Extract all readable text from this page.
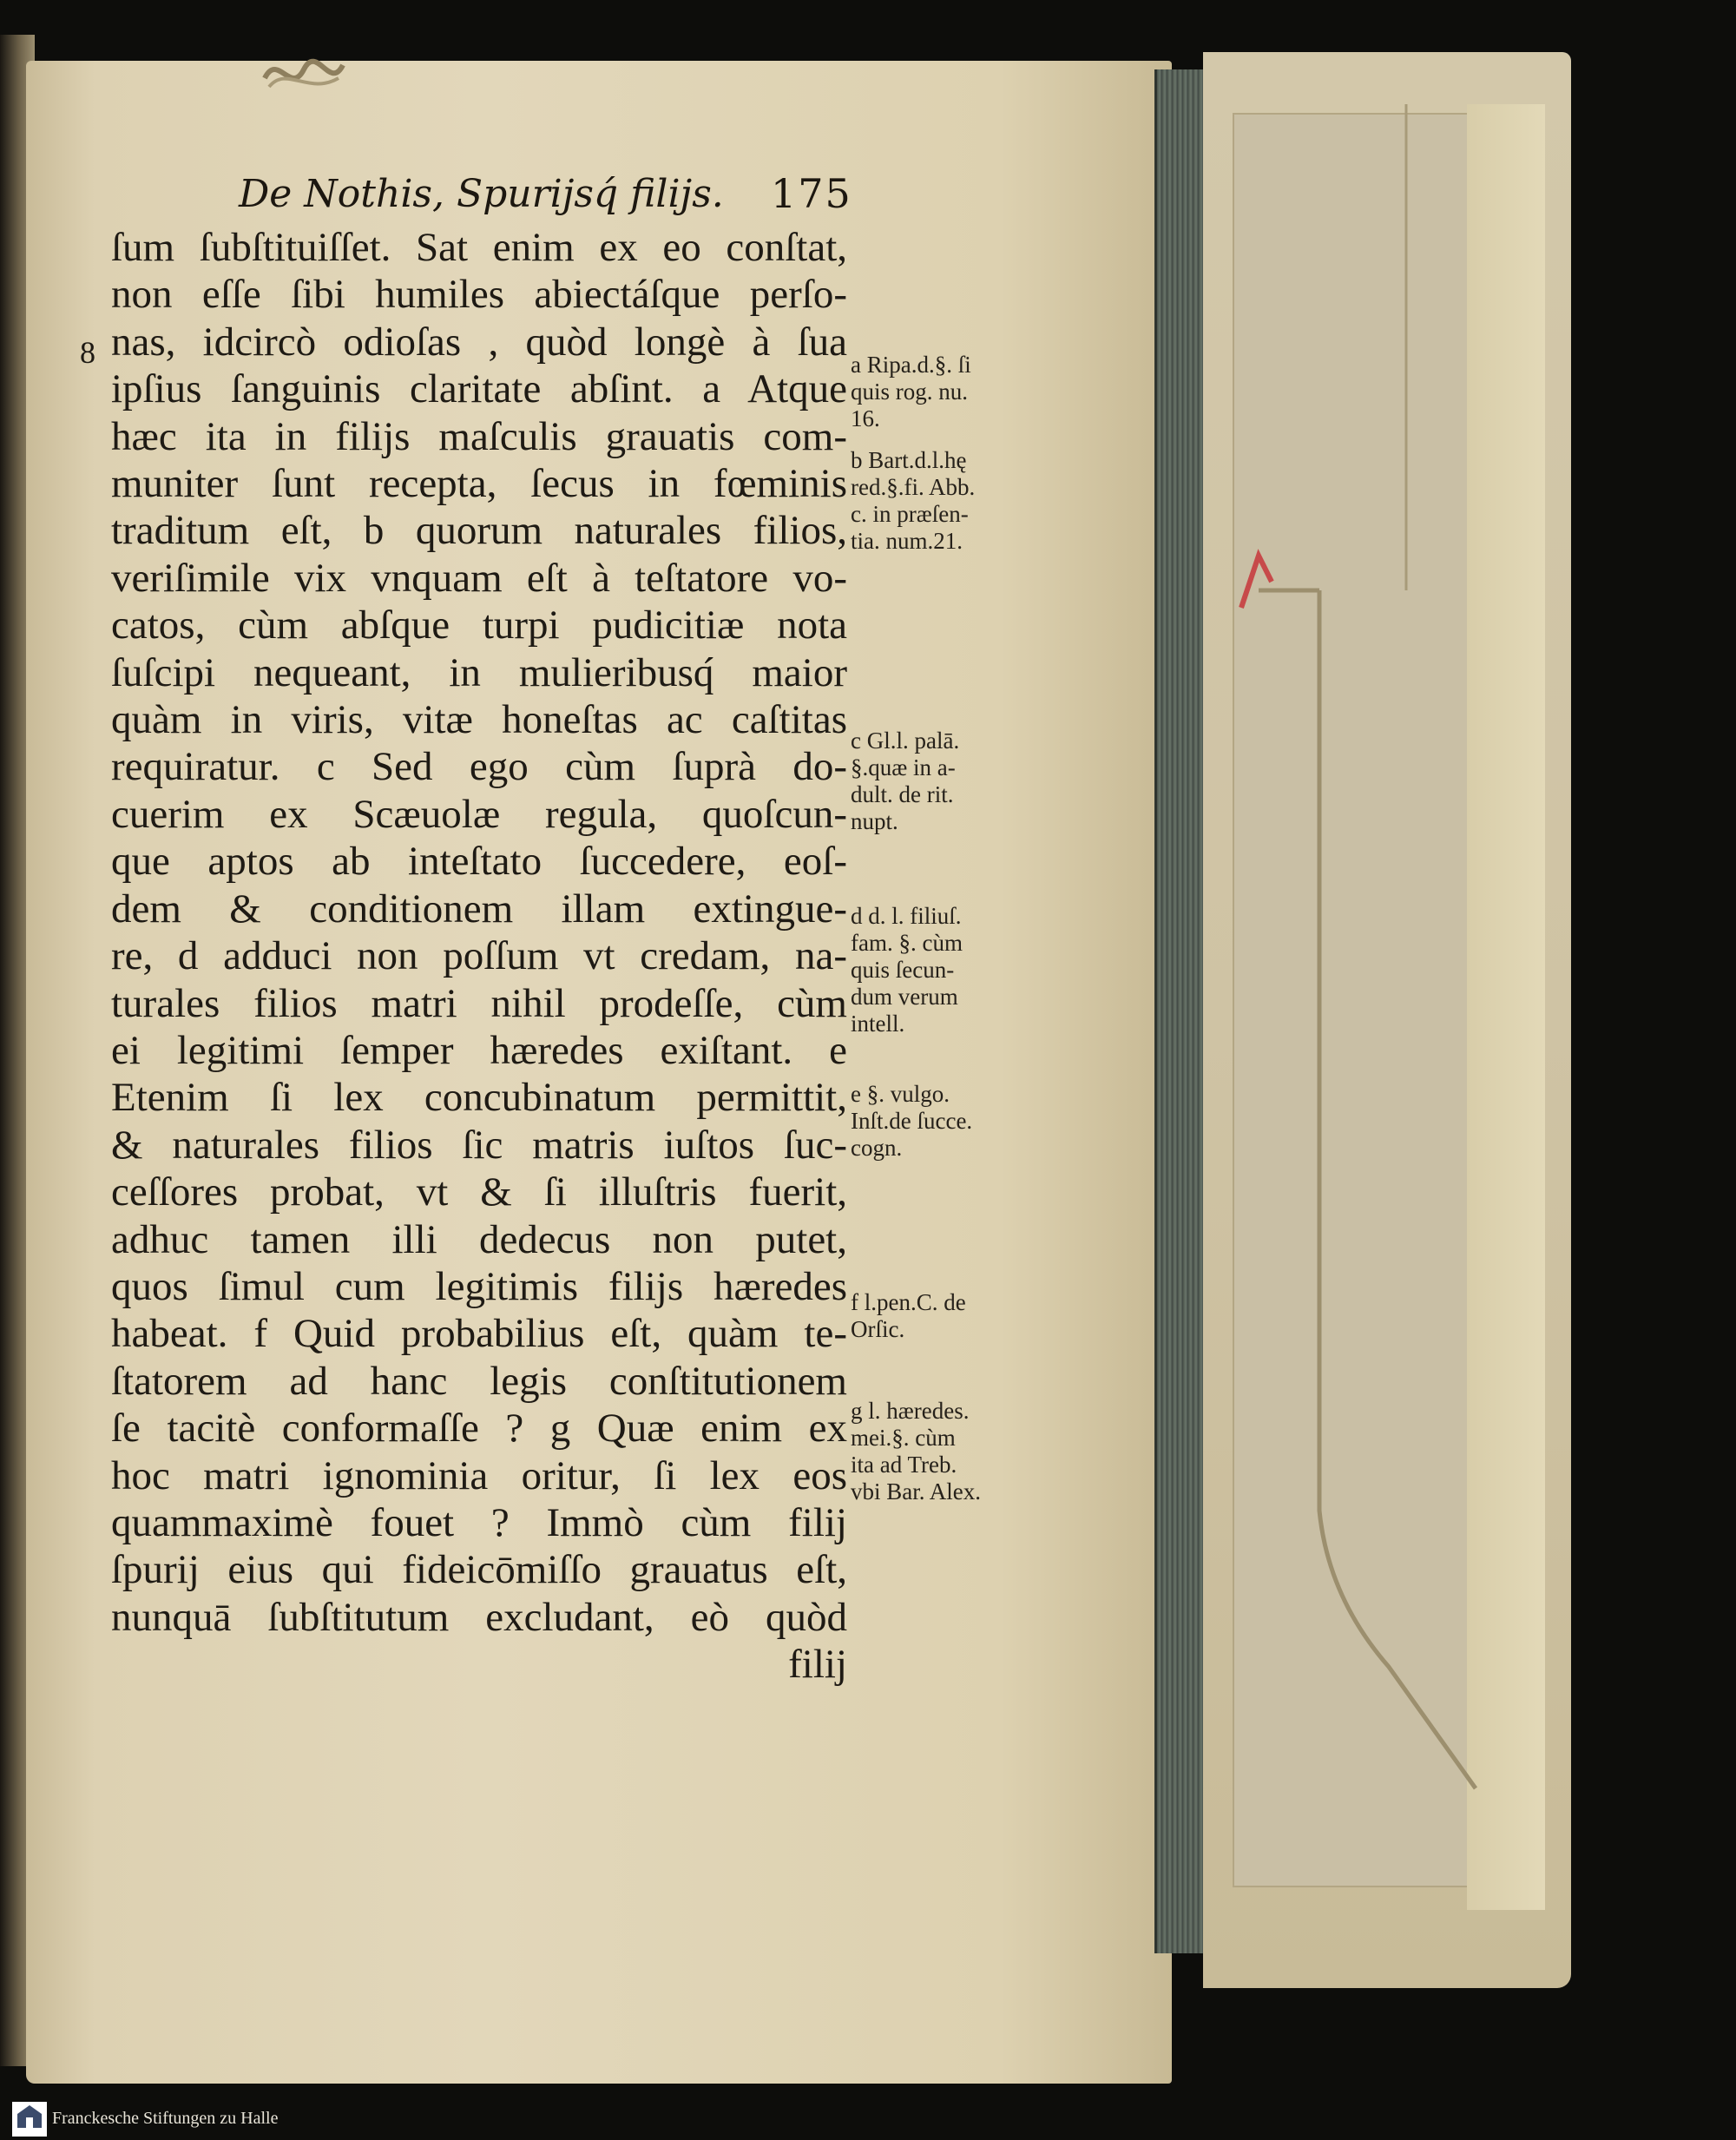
De Nothis, Spurijsq́ filijs. 175
8
ſum ſubſtituiſſet. Sat enim ex eo conſtat,
non eſſe ſibi humiles abiectáſque perſo-
nas, idcircò odioſas , quòd longè à ſua
ipſius ſanguinis claritate abſint. a Atque
hæc ita in filijs maſculis grauatis com-
muniter ſunt recepta, ſecus in fœminis
traditum eſt, b quorum naturales filios,
veriſimile vix vnquam eſt à teſtatore vo-
catos, cùm abſque turpi pudicitiæ nota
ſuſcipi nequeant, in mulieribusq́ maior
quàm in viris, vitæ honeſtas ac caſtitas
requiratur. c Sed ego cùm ſuprà do-
cuerim ex Scæuolæ regula, quoſcun-
que aptos ab inteſtato ſuccedere, eoſ-
dem & conditionem illam extingue-
re, d adduci non poſſum vt credam, na-
turales filios matri nihil prodeſſe, cùm
ei legitimi ſemper hæredes exiſtant. e
Etenim ſi lex concubinatum permittit,
& naturales filios ſic matris iuſtos ſuc-
ceſſores probat, vt & ſi illuſtris fuerit,
adhuc tamen illi dedecus non putet,
quos ſimul cum legitimis filijs hæredes
habeat. f Quid probabilius eſt, quàm te-
ſtatorem ad hanc legis conſtitutionem
ſe tacitè conformaſſe ? g Quæ enim ex
hoc matri ignominia oritur, ſi lex eos
quammaximè fouet ? Immò cùm filij
ſpurij eius qui fideicōmiſſo grauatus eſt,
nunquā ſubſtitutum excludant, eò quòd
filij
a Ripa.d.§. ſi
quis rog. nu.
16.
b Bart.d.l.hę
red.§.fi. Abb.
c. in præſen-
tia. num.21.
c Gl.l. palā.
§.quæ in a-
dult. de rit.
nupt.
d d. l. filiuſ.
fam. §. cùm
quis ſecun-
dum verum
intell.
e §. vulgo.
Inſt.de ſucce.
cogn.
f l.pen.C. de
Orſic.
g l. hæredes.
mei.§. cùm
ita ad Treb.
vbi Bar. Alex.
Franckesche Stiftungen zu Halle
